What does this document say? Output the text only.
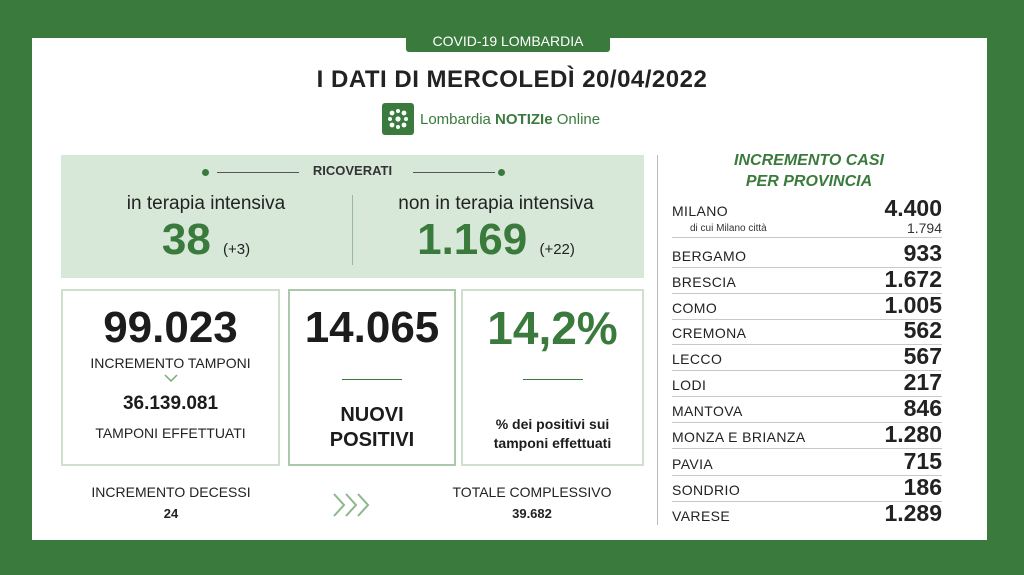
COVID-19 LOMBARDIA
I DATI DI MERCOLEDÌ 20/04/2022
Lombardia NOTIZIe Online
RICOVERATI
in terapia intensiva
38 (+3)
non in terapia intensiva
1.169 (+22)
99.023
INCREMENTO TAMPONI
36.139.081
TAMPONI EFFETTUATI
14.065
NUOVI
POSITIVI
14,2%
% dei positivi sui
tamponi effettuati
INCREMENTO DECESSI
24
TOTALE COMPLESSIVO
39.682
INCREMENTO CASI
PER PROVINCIA
MILANO	4.400
di cui Milano città	1.794
BERGAMO	933
BRESCIA	1.672
COMO	1.005
CREMONA	562
LECCO	567
LODI	217
MANTOVA	846
MONZA E BRIANZA	1.280
PAVIA	715
SONDRIO	186
VARESE	1.289
